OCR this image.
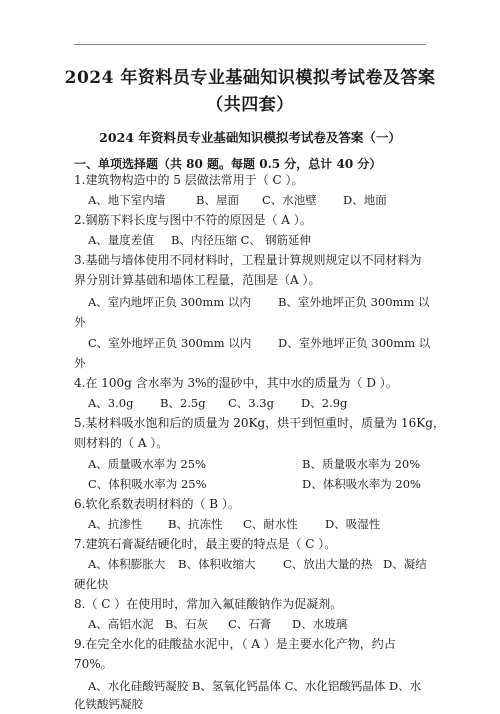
2024 年资料员专业基础知识模拟考试卷及答案
（共四套）
2024 年资料员专业基础知识模拟考试卷及答案（一）
一、单项选择题（共 80 题。每题 0.5 分，总计 40 分）
1.建筑物构造中的 5 层做法常用于（ C ）。
A、地下室内墙	B、屋面 C、水池壁 D、地面
2.钢筋下料长度与图中不符的原因是（ A ）。
A、量度差值 B、内径压缩 C、 钢筋延伸
3.基础与墙体使用不同材料时，工程量计算规则规定以不同材料为
界分别计算基础和墙体工程量，范围是（A ）。
A、室内地坪正负 300mm 以内 B、室外地坪正负 300mm 以
外
C、室外地坪正负 300mm 以内 D、室外地坪正负 300mm 以
外
4.在 100g 含水率为 3%的湿砂中，其中水的质量为（ D ）。
A、3.0g B、2.5g C、3.3g D、2.9g
5.某材料吸水饱和后的质量为 20Kg，烘干到恒重时，质量为 16Kg，
则材料的（ A ）。
A、质量吸水率为 25%	B、质量吸水率为 20%
C、体积吸水率为 25%	D、体积吸水率为 20%
6.软化系数表明材料的（ B ）。
A、抗渗性 B、抗冻性 C、耐水性 D、吸湿性
7.建筑石膏凝结硬化时，最主要的特点是（ C ）。
A、体积膨胀大 B、体积收缩大 C、放出大量的热 D、凝结
硬化快
8.（ C ）在使用时，常加入氟硅酸钠作为促凝剂。
A、高铝水泥 B、石灰 C、石膏 D、水玻璃
9.在完全水化的硅酸盐水泥中，（ A ）是主要水化产物，约占
70%。
A、水化硅酸钙凝胶 B、氢氧化钙晶体 C、水化铝酸钙晶体 D、水
化铁酸钙凝胶
